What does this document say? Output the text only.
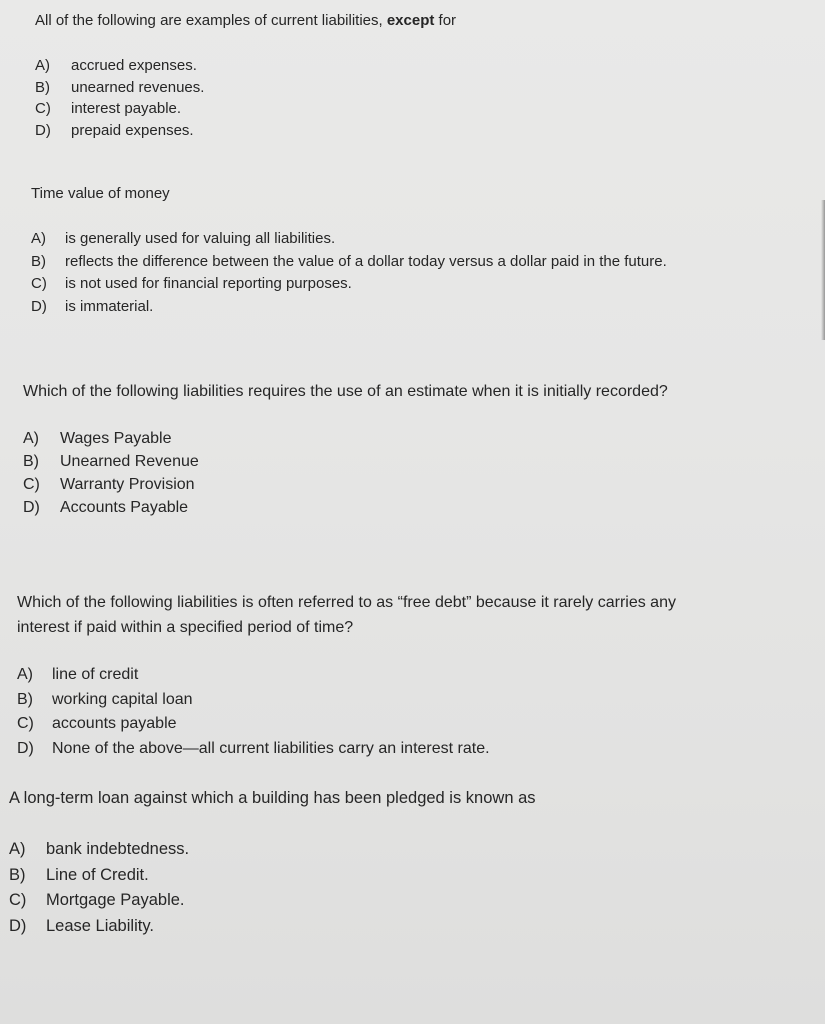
All of the following are examples of current liabilities, except for

A)	accrued expenses.
B)	unearned revenues.
C)	interest payable.
D)	prepaid expenses.

Time value of money

A)	is generally used for valuing all liabilities.
B)	reflects the difference between the value of a dollar today versus a dollar paid in the future.
C)	is not used for financial reporting purposes.
D)	is immaterial.

Which of the following liabilities requires the use of an estimate when it is initially recorded?

A)	Wages Payable
B)	Unearned Revenue
C)	Warranty Provision
D)	Accounts Payable

Which of the following liabilities is often referred to as “free debt” because it rarely carries any interest if paid within a specified period of time?

A)	line of credit
B)	working capital loan
C)	accounts payable
D)	None of the above—all current liabilities carry an interest rate.

A long-term loan against which a building has been pledged is known as

A)	bank indebtedness.
B)	Line of Credit.
C)	Mortgage Payable.
D)	Lease Liability.
